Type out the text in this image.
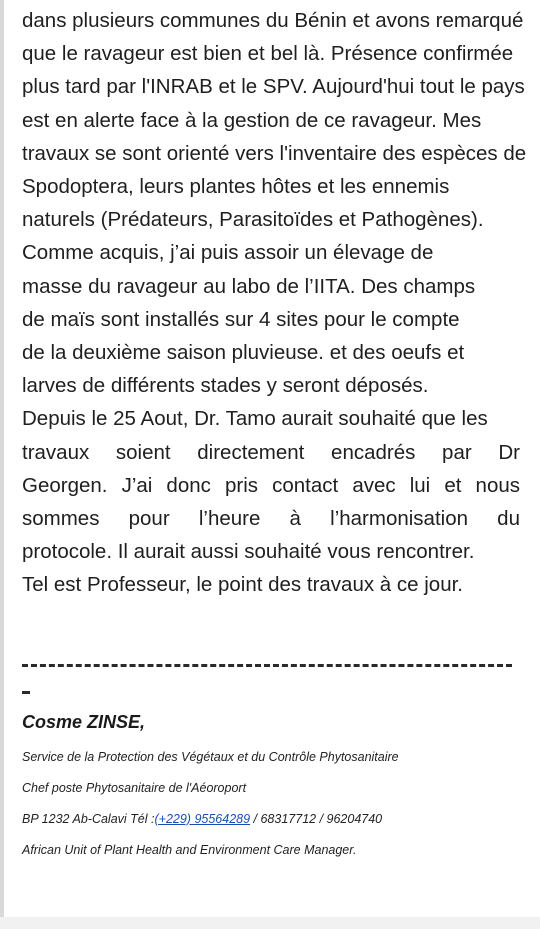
dans plusieurs communes du Bénin et avons remarqué

que le ravageur est bien et bel là. Présence confirmée

plus tard par l'INRAB et le SPV. Aujourd'hui tout le pays

est en alerte face à la gestion de ce ravageur. Mes

travaux se sont orienté vers l'inventaire des espèces de

Spodoptera, leurs plantes hôtes et les ennemis

naturels (Prédateurs, Parasitoïdes et Pathogènes).

Comme acquis, j’ai puis assoir un élevage de

masse du ravageur au labo de l’IITA. Des champs

de maïs sont installés sur 4 sites pour le compte

de la deuxième saison pluvieuse. et des oeufs et

larves de différents stades y seront déposés.

Depuis le 25 Aout, Dr. Tamo aurait souhaité que les

travaux soient directement encadrés par Dr

Georgen. J’ai donc pris contact avec lui et nous

sommes pour l’heure à l’harmonisation du

protocole. Il aurait aussi souhaité vous rencontrer.

Tel est Professeur, le point des travaux à ce jour.

Cosme ZINSE,
Service de la Protection des Végétaux et du Contrôle Phytosanitaire
Chef poste Phytosanitaire de l'Aéoroport
BP 1232 Ab-Calavi Tél :(+229) 95564289 / 68317712 / 96204740
African Unit of Plant Health and Environment Care Manager.
